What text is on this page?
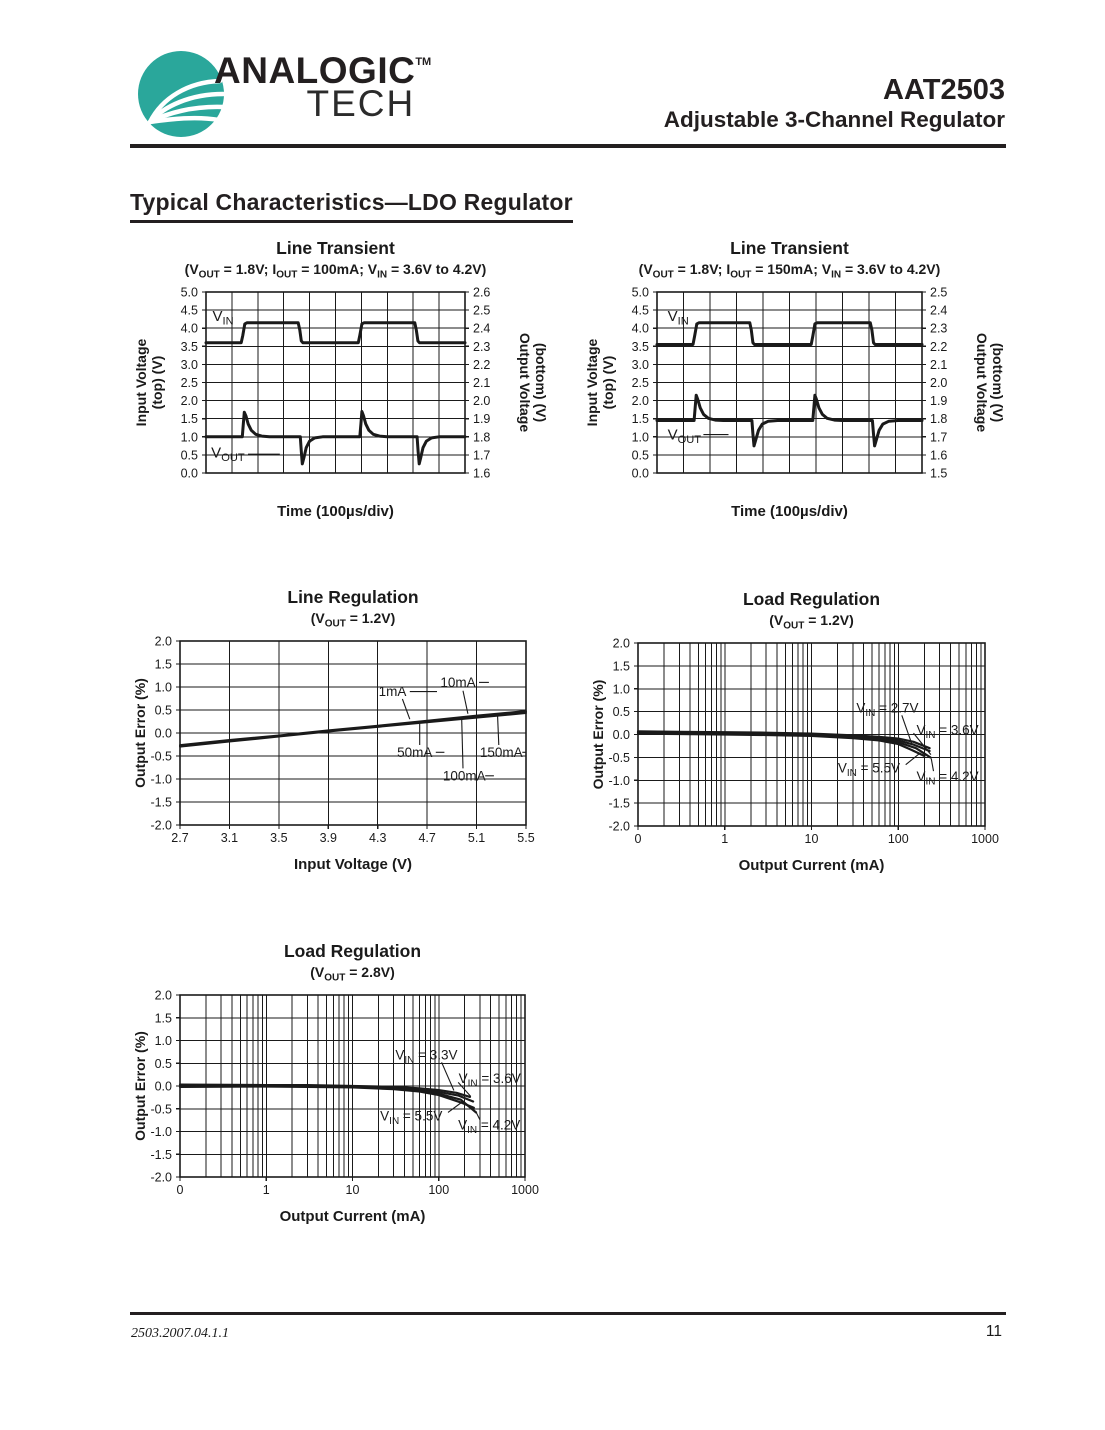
ANALOGIC™
TECH	AAT2503
Adjustable 3-Channel Regulator
Typical Characteristics—LDO Regulator
5.0
4.5
4.0
3.5
3.0
2.5
2.0
1.5
1.0
0.5
0.0
2.6
2.5
2.4
2.3
2.2
2.1
2.0
1.9
1.8
1.7
1.6
Line Transient
($V_{OUT} = 1.8V$; $I_{OUT} = 100mA$; $V_{IN} = 3.6V$ to 4.2V)
Time (100µs/div)
Input Voltage (top) (V)	Output Voltage (bottom) (V)
$V_{IN}$
$V_{OUT}$
5.0
4.5
4.0
3.5
3.0
2.5
2.0
1.5
1.0
0.5
0.0
2.5
2.4
2.3
2.2
2.1
2.0
1.9
1.8
1.7
1.6
1.5
Line Transient
($V_{OUT} = 1.8V$; $I_{OUT} = 150mA$; $V_{IN} = 3.6V$ to 4.2V)
Time (100µs/div)
Input Voltage (top) (V)	Output Voltage (bottom) (V)
$V_{IN}$
$V_{OUT}$
2.0
1.5
1.0
0.5
0.0
-0.5
-1.0
-1.5
-2.0
2.7	3.1	3.5	3.9	4.3	4.7	5.1	5.5
Line Regulation
$(V_{OUT} = 1.2V)$
Input Voltage (V)
Output Error (%)	1mA
10mA
50mA	150mA
100mA
2.0
1.5
1.0
0.5
0.0
-0.5
-1.0
-1.5
-2.0
0	1	10	100	1000
Load Regulation
$(V_{OUT} = 1.2V)$
Output Current (mA)
Output Error (%)	$V_{IN} = 2.7V$
$V_{IN} = 3.6V$
$V_{IN} = 5.5V$
$V_{IN} = 4.2V$
2.0
1.5
1.0
0.5
0.0
-0.5
-1.0
-1.5
-2.0
0	1	10	100	1000
Load Regulation
$(V_{OUT} = 2.8V)$
Output Current (mA)
Output Error (%)	$V_{IN} = 3.3V$
$V_{IN} = 3.6V$
$V_{IN} = 5.5V$
$V_{IN} = 4.2V$
2503.2007.04.1.1	11
